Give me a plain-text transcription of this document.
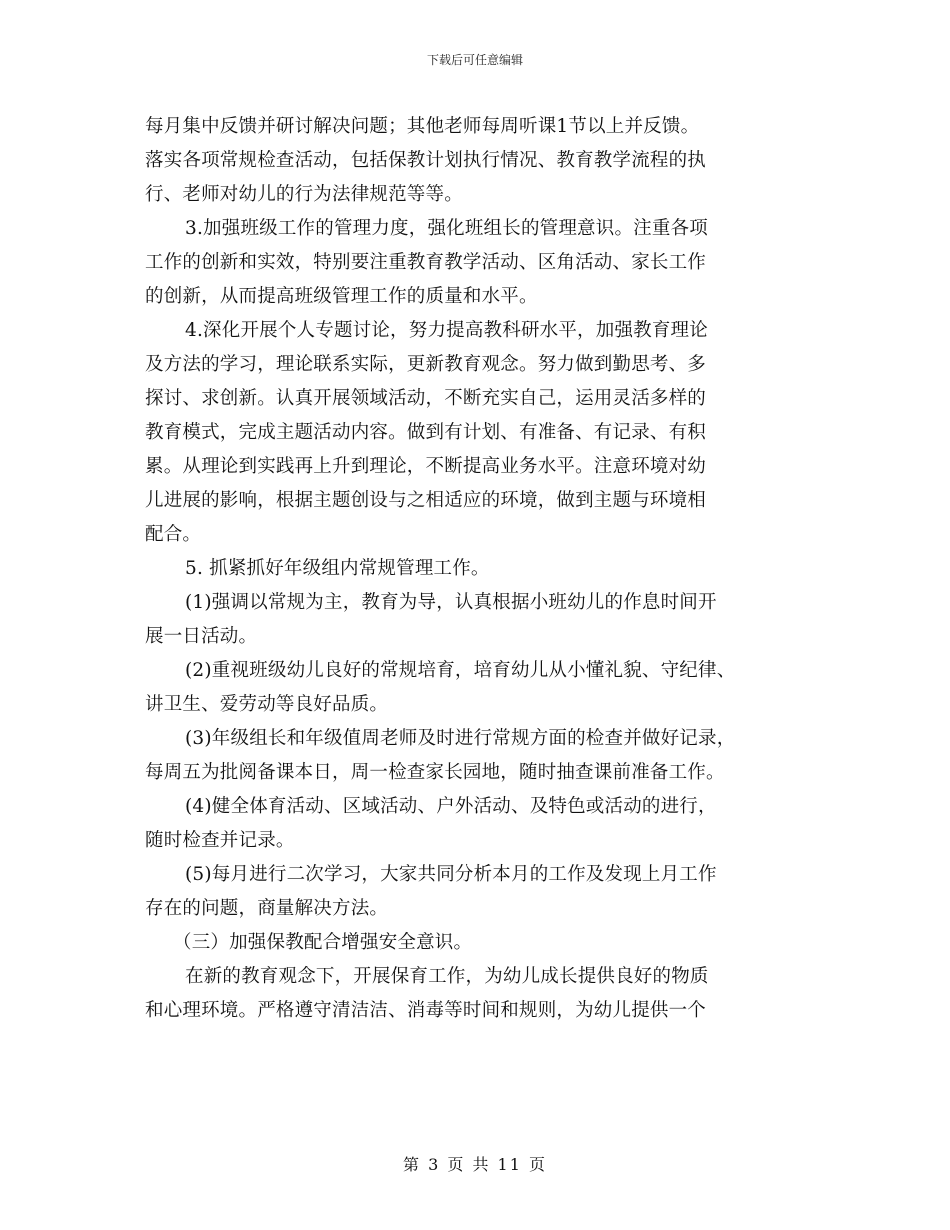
下载后可任意编辑
每月集中反馈并研讨解决问题；其他老师每周听课1节以上并反馈。
落实各项常规检查活动，包括保教计划执行情况、教育教学流程的执
行、老师对幼儿的行为法律规范等等。
3.加强班级工作的管理力度，强化班组长的管理意识。注重各项
工作的创新和实效，特别要注重教育教学活动、区角活动、家长工作
的创新，从而提高班级管理工作的质量和水平。
4.深化开展个人专题讨论，努力提高教科研水平，加强教育理论
及方法的学习，理论联系实际，更新教育观念。努力做到勤思考、多
探讨、求创新。认真开展领域活动，不断充实自己，运用灵活多样的
教育模式，完成主题活动内容。做到有计划、有准备、有记录、有积
累。从理论到实践再上升到理论，不断提高业务水平。注意环境对幼
儿进展的影响，根据主题创设与之相适应的环境，做到主题与环境相
配合。
5. 抓紧抓好年级组内常规管理工作。
(1)强调以常规为主，教育为导，认真根据小班幼儿的作息时间开
展一日活动。
(2)重视班级幼儿良好的常规培育，培育幼儿从小懂礼貌、守纪律、
讲卫生、爱劳动等良好品质。
(3)年级组长和年级值周老师及时进行常规方面的检查并做好记录，
每周五为批阅备课本日，周一检查家长园地，随时抽查课前准备工作。
(4)健全体育活动、区域活动、户外活动、及特色或活动的进行，
随时检查并记录。
(5)每月进行二次学习，大家共同分析本月的工作及发现上月工作
存在的问题，商量解决方法。
（三）加强保教配合增强安全意识。
在新的教育观念下，开展保育工作，为幼儿成长提供良好的物质
和心理环境。严格遵守清洁洁、消毒等时间和规则，为幼儿提供一个
第 3 页 共 11 页
